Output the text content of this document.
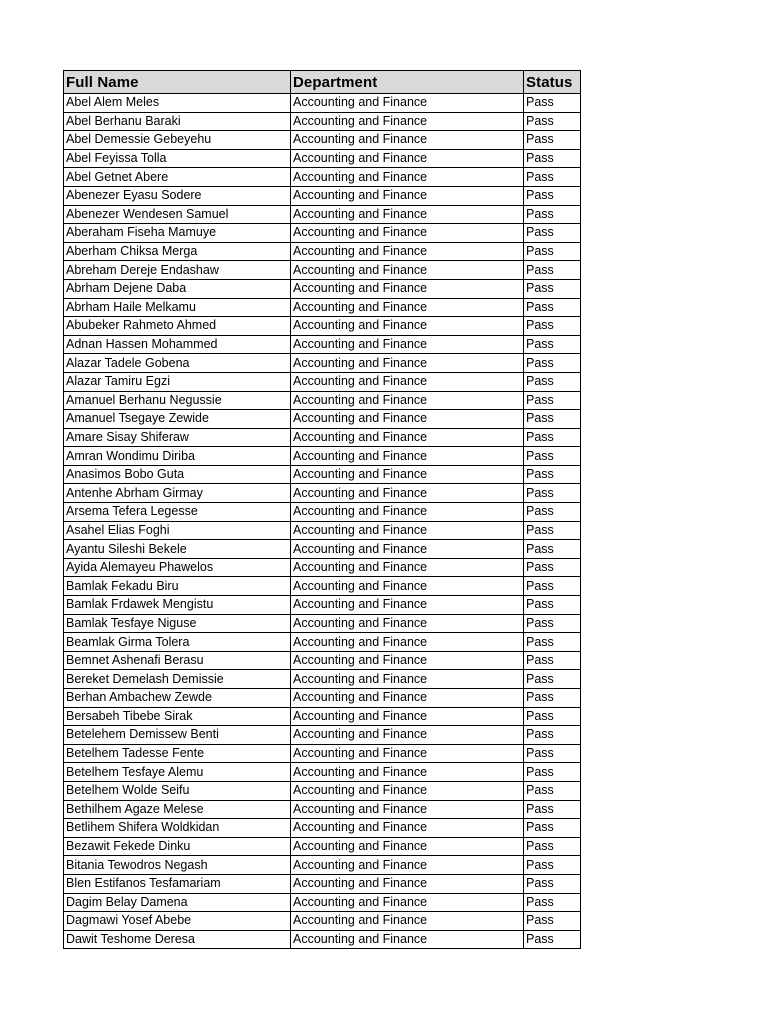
Full Name	Department	Status
Abel Alem Meles	Accounting and Finance	Pass
Abel Berhanu Baraki	Accounting and Finance	Pass
Abel Demessie Gebeyehu	Accounting and Finance	Pass
Abel Feyissa Tolla	Accounting and Finance	Pass
Abel Getnet Abere	Accounting and Finance	Pass
Abenezer Eyasu Sodere	Accounting and Finance	Pass
Abenezer Wendesen Samuel	Accounting and Finance	Pass
Aberaham Fiseha Mamuye	Accounting and Finance	Pass
Aberham Chiksa Merga	Accounting and Finance	Pass
Abreham Dereje Endashaw	Accounting and Finance	Pass
Abrham Dejene Daba	Accounting and Finance	Pass
Abrham Haile Melkamu	Accounting and Finance	Pass
Abubeker Rahmeto Ahmed	Accounting and Finance	Pass
Adnan Hassen Mohammed	Accounting and Finance	Pass
Alazar Tadele Gobena	Accounting and Finance	Pass
Alazar Tamiru Egzi	Accounting and Finance	Pass
Amanuel Berhanu Negussie	Accounting and Finance	Pass
Amanuel Tsegaye Zewide	Accounting and Finance	Pass
Amare Sisay Shiferaw	Accounting and Finance	Pass
Amran Wondimu Diriba	Accounting and Finance	Pass
Anasimos Bobo Guta	Accounting and Finance	Pass
Antenhe Abrham Girmay	Accounting and Finance	Pass
Arsema Tefera Legesse	Accounting and Finance	Pass
Asahel Elias Foghi	Accounting and Finance	Pass
Ayantu Sileshi Bekele	Accounting and Finance	Pass
Ayida Alemayeu Phawelos	Accounting and Finance	Pass
Bamlak Fekadu Biru	Accounting and Finance	Pass
Bamlak Frdawek Mengistu	Accounting and Finance	Pass
Bamlak Tesfaye Niguse	Accounting and Finance	Pass
Beamlak Girma Tolera	Accounting and Finance	Pass
Bemnet Ashenafi Berasu	Accounting and Finance	Pass
Bereket Demelash Demissie	Accounting and Finance	Pass
Berhan Ambachew Zewde	Accounting and Finance	Pass
Bersabeh Tibebe Sirak	Accounting and Finance	Pass
Betelehem Demissew Benti	Accounting and Finance	Pass
Betelhem Tadesse Fente	Accounting and Finance	Pass
Betelhem Tesfaye Alemu	Accounting and Finance	Pass
Betelhem Wolde Seifu	Accounting and Finance	Pass
Bethilhem Agaze Melese	Accounting and Finance	Pass
Betlihem Shifera Woldkidan	Accounting and Finance	Pass
Bezawit Fekede Dinku	Accounting and Finance	Pass
Bitania Tewodros Negash	Accounting and Finance	Pass
Blen Estifanos Tesfamariam	Accounting and Finance	Pass
Dagim Belay Damena	Accounting and Finance	Pass
Dagmawi Yosef Abebe	Accounting and Finance	Pass
Dawit Teshome Deresa	Accounting and Finance	Pass
